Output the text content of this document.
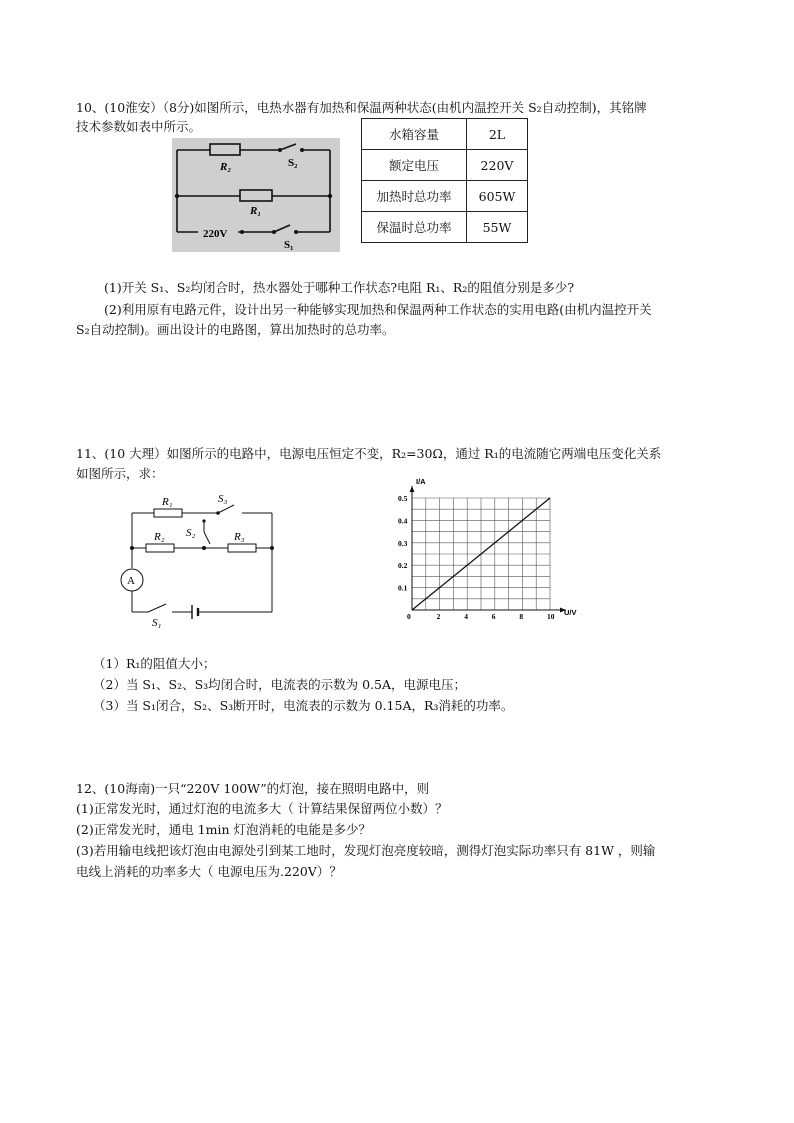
10、(10淮安）（8分)如图所示，电热水器有加热和保温两种状态(由机内温控开关 S₂自动控制)，其铭牌
技术参数如表中所示。
R₂	S₂
R₁
220V
S₁
水箱容量	2L
额定电压	220V
加热时总功率	605W
保温时总功率	55W
(1)开关 S₁、S₂均闭合时，热水器处于哪种工作状态?电阻 R₁、R₂的阻值分别是多少?
(2)利用原有电路元件，设计出另一种能够实现加热和保温两种工作状态的实用电路(由机内温控开关
S₂自动控制)。画出设计的电路图，算出加热时的总功率。
11、(10 大理）如图所示的电路中，电源电压恒定不变，R₂=30Ω，通过 R₁的电流随它两端电压变化关系
如图所示，求：
R₁	S₃
R₂ S₂	R₃
A
S₁
0	2	4	6	8	10
0.1
0.2
0.3
0.4
0.5
I/A
U/V
（1）R₁的阻值大小；
（2）当 S₁、S₂、S₃均闭合时，电流表的示数为 0.5A，电源电压；
（3）当 S₁闭合，S₂、S₃断开时，电流表的示数为 0.15A，R₃消耗的功率。
12、(10海南)一只“220V 100W”的灯泡，接在照明电路中，则
(1)正常发光时，通过灯泡的电流多大（ 计算结果保留两位小数）？
(2)正常发光时，通电 1min 灯泡消耗的电能是多少？
(3)若用输电线把该灯泡由电源处引到某工地时，发现灯泡亮度较暗，测得灯泡实际功率只有 81W ，则输
电线上消耗的功率多大（ 电源电压为.220V）？
